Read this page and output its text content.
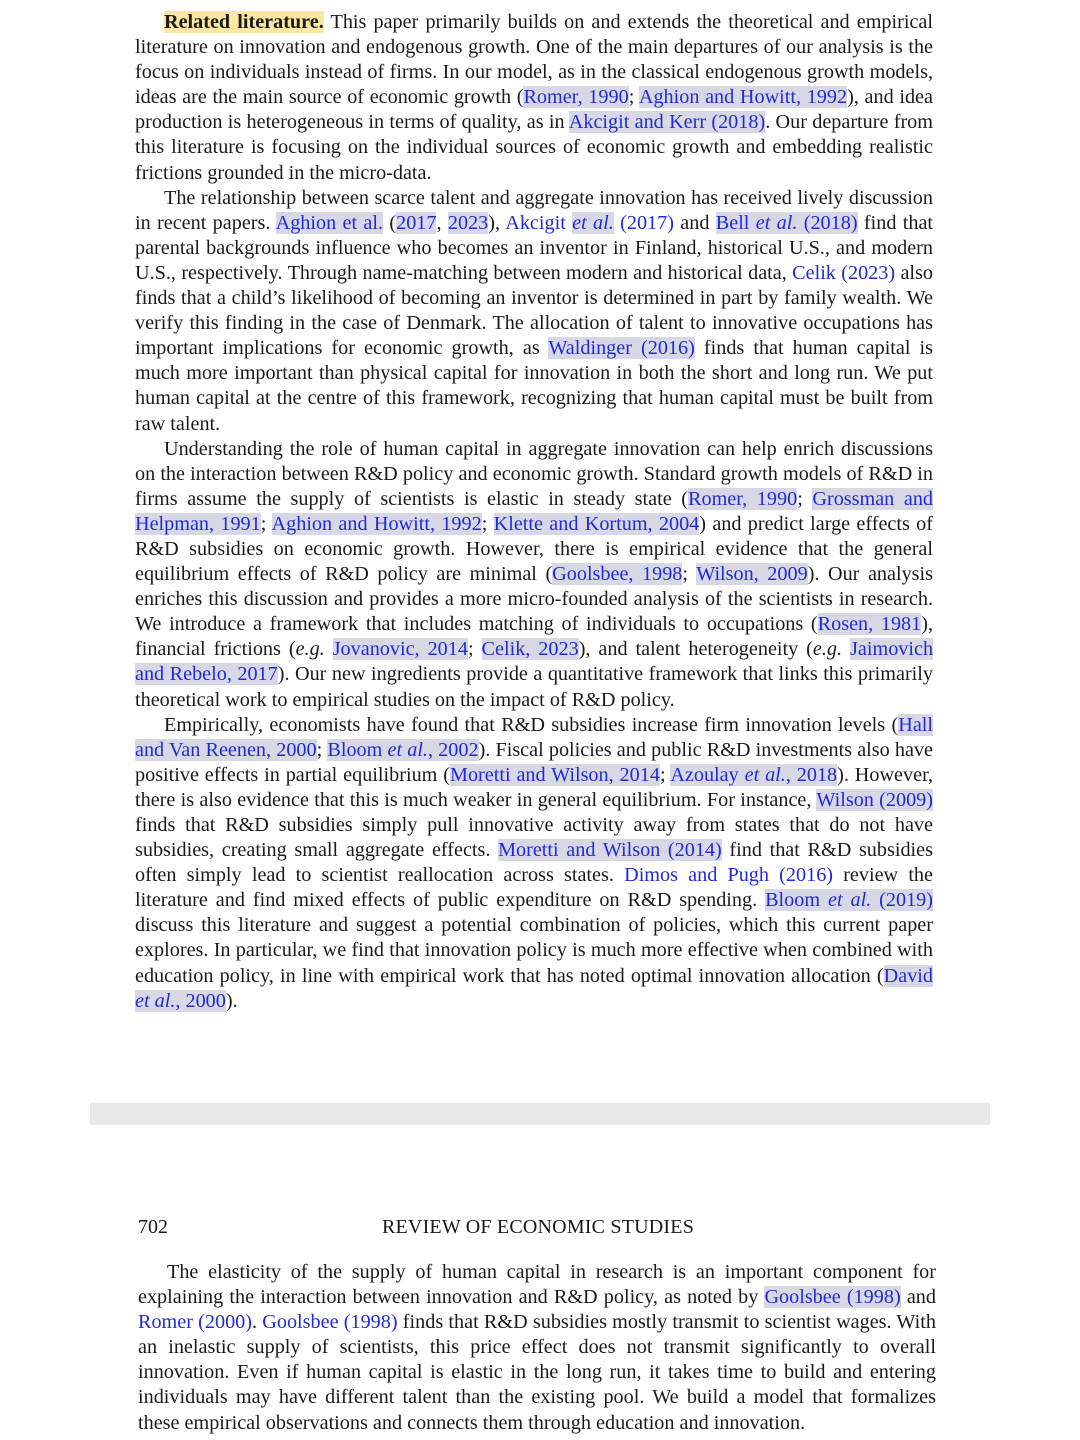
Related literature. This paper primarily builds on and extends the theoretical and empirical literature on innovation and endogenous growth. One of the main departures of our analysis is the focus on individuals instead of firms. In our model, as in the classical endogenous growth models, ideas are the main source of economic growth (Romer, 1990; Aghion and Howitt, 1992), and idea production is heterogeneous in terms of quality, as in Akcigit and Kerr (2018). Our departure from this literature is focusing on the individual sources of economic growth and embedding realistic frictions grounded in the micro-data.

The relationship between scarce talent and aggregate innovation has received lively discussion in recent papers. Aghion et al. (2017, 2023), Akcigit et al. (2017) and Bell et al. (2018) find that parental backgrounds influence who becomes an inventor in Finland, historical U.S., and modern U.S., respectively. Through name-matching between modern and historical data, Celik (2023) also finds that a child’s likelihood of becoming an inventor is determined in part by family wealth. We verify this finding in the case of Denmark. The allocation of talent to innovative occupations has important implications for economic growth, as Waldinger (2016) finds that human capital is much more important than physical capital for innovation in both the short and long run. We put human capital at the centre of this framework, recognizing that human capital must be built from raw talent.

Understanding the role of human capital in aggregate innovation can help enrich discussions on the interaction between R&D policy and economic growth. Standard growth models of R&D in firms assume the supply of scientists is elastic in steady state (Romer, 1990; Grossman and Helpman, 1991; Aghion and Howitt, 1992; Klette and Kortum, 2004) and predict large effects of R&D subsidies on economic growth. However, there is empirical evidence that the general equilibrium effects of R&D policy are minimal (Goolsbee, 1998; Wilson, 2009). Our analysis enriches this discussion and provides a more micro-founded analysis of the scientists in research. We introduce a framework that includes matching of individuals to occupations (Rosen, 1981), financial frictions (e.g. Jovanovic, 2014; Celik, 2023), and talent heterogeneity (e.g. Jaimovich and Rebelo, 2017). Our new ingredients provide a quantitative framework that links this primarily theoretical work to empirical studies on the impact of R&D policy.

Empirically, economists have found that R&D subsidies increase firm innovation levels (Hall and Van Reenen, 2000; Bloom et al., 2002). Fiscal policies and public R&D investments also have positive effects in partial equilibrium (Moretti and Wilson, 2014; Azoulay et al., 2018). However, there is also evidence that this is much weaker in general equilibrium. For instance, Wilson (2009) finds that R&D subsidies simply pull innovative activity away from states that do not have subsidies, creating small aggregate effects. Moretti and Wilson (2014) find that R&D subsidies often simply lead to scientist reallocation across states. Dimos and Pugh (2016) review the literature and find mixed effects of public expenditure on R&D spending. Bloom et al. (2019) discuss this literature and suggest a potential combination of policies, which this current paper explores. In particular, we find that innovation policy is much more effective when combined with education policy, in line with empirical work that has noted optimal innovation allocation (David et al., 2000).

702	REVIEW OF ECONOMIC STUDIES

The elasticity of the supply of human capital in research is an important component for explaining the interaction between innovation and R&D policy, as noted by Goolsbee (1998) and Romer (2000). Goolsbee (1998) finds that R&D subsidies mostly transmit to scientist wages. With an inelastic supply of scientists, this price effect does not transmit significantly to overall innovation. Even if human capital is elastic in the long run, it takes time to build and entering individuals may have different talent than the existing pool. We build a model that formalizes these empirical observations and connects them through education and innovation.
